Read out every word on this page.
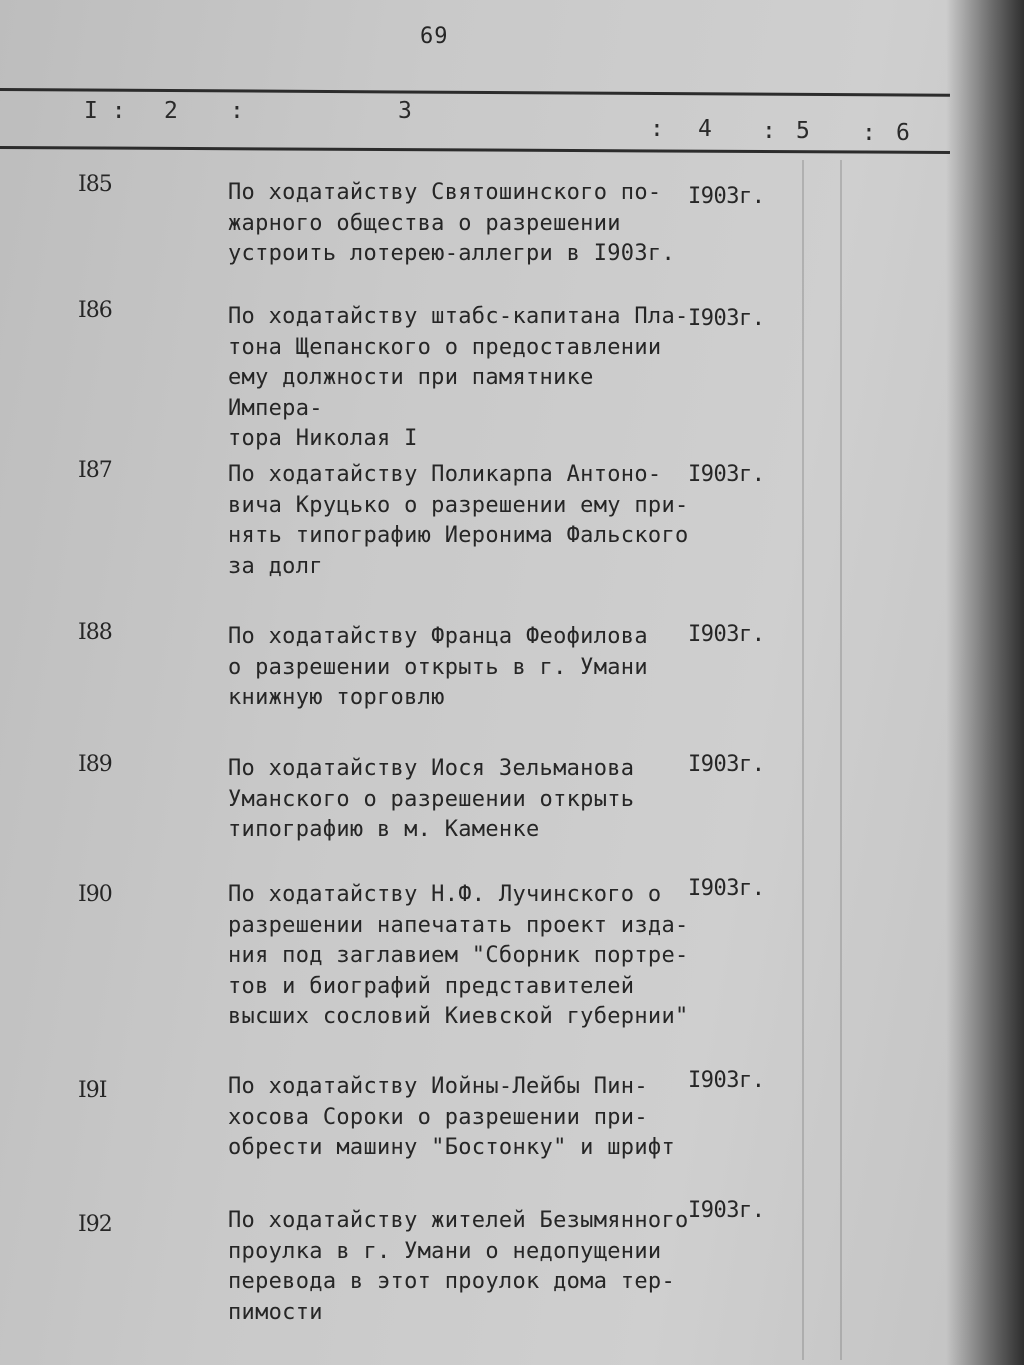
69
I : 2 :	3
: 4 : 5 : 6
I85	По ходатайству Святошинского по-
жарного общества о разрешении
устроить лотерею-аллегри в I903г.
I903г.
I86	По ходатайству штабс-капитана Пла-
тона Щепанского о предоставлении
ему должности при памятнике Импера-
тора Николая I
I903г.
I87	По ходатайству Поликарпа Антоно-
вича Круцько о разрешении ему при-
нять типографию Иеронима Фальского
за долг
I903г.
I88	По ходатайству Франца Феофилова
о разрешении открыть в г. Умани
книжную торговлю
I903г.
I89	По ходатайству Иося Зельманова
Уманского о разрешении открыть
типографию в м. Каменке
I903г.
I90	По ходатайству Н.Ф. Лучинского о
разрешении напечатать проект изда-
ния под заглавием "Сборник портре-
тов и биографий представителей
высших сословий Киевской губернии"
I903г.
I9I	По ходатайству Иойны-Лейбы Пин-
хосова Сороки о разрешении при-
обрести машину "Бостонку" и шрифт
I903г.
I92	По ходатайству жителей Безымянного
проулка в г. Умани о недопущении
перевода в этот проулок дома тер-
пимости
I903г.
